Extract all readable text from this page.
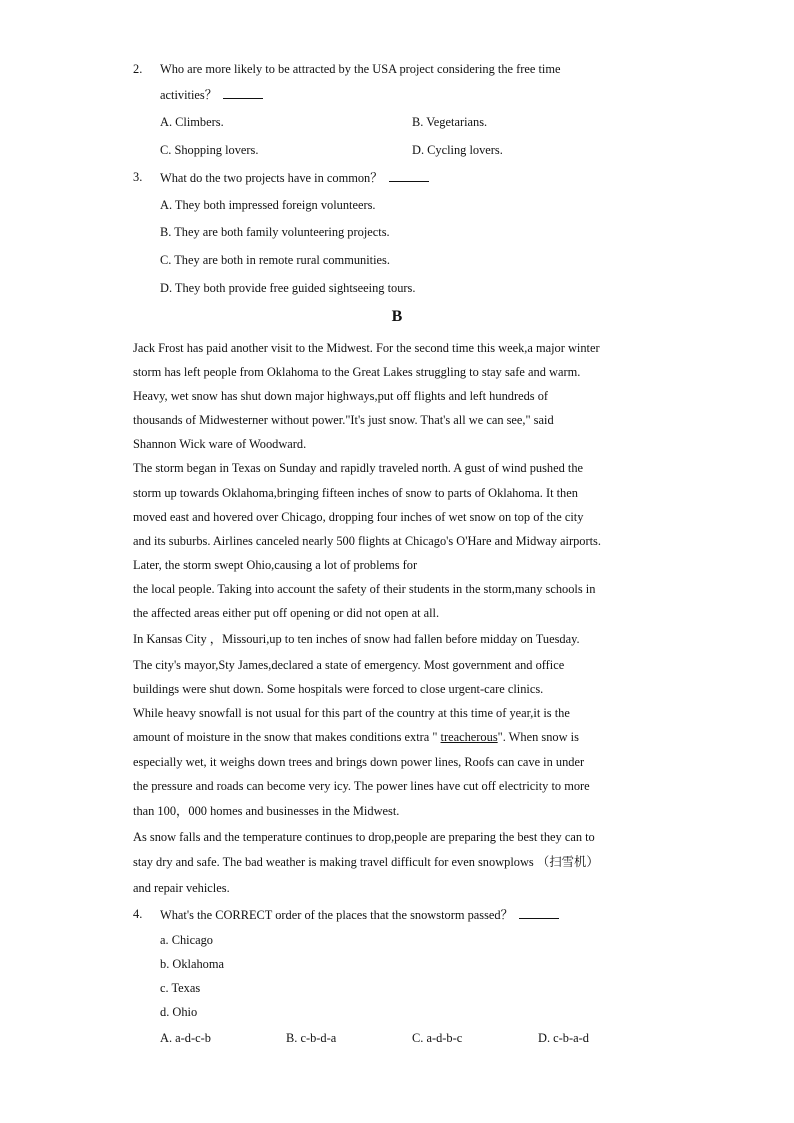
2. Who are more likely to be attracted by the USA project considering the free time
activities？
A. Climbers.	B. Vegetarians.
C. Shopping lovers.	D. Cycling lovers.
3. What do the two projects have in common？
A. They both impressed foreign volunteers.
B. They are both family volunteering projects.
C. They are both in remote rural communities.
D. They both provide free guided sightseeing tours.
B
Jack Frost has paid another visit to the Midwest. For the second time this week,a major winter
storm has left people from Oklahoma to the Great Lakes struggling to stay safe and warm.
Heavy, wet snow has shut down major highways,put off flights and left hundreds of
thousands of Midwesterner without power."It's just snow. That's all we can see," said
Shannon Wick ware of Woodward.
The storm began in Texas on Sunday and rapidly traveled north. A gust of wind pushed the
storm up towards Oklahoma,bringing fifteen inches of snow to parts of Oklahoma. It then
moved east and hovered over Chicago, dropping four inches of wet snow on top of the city
and its suburbs. Airlines canceled nearly 500 flights at Chicago's O'Hare and Midway airports.
Later, the storm swept Ohio,causing a lot of problems for
the local people. Taking into account the safety of their students in the storm,many schools in
the affected areas either put off opening or did not open at all.
In Kansas City ，Missouri,up to ten inches of snow had fallen before midday on Tuesday.
The city's mayor,Sty James,declared a state of emergency. Most government and office
buildings were shut down. Some hospitals were forced to close urgent-care clinics.
While heavy snowfall is not usual for this part of the country at this time of year,it is the
amount of moisture in the snow that makes conditions extra " treacherous". When snow is
especially wet, it weighs down trees and brings down power lines, Roofs can cave in under
the pressure and roads can become very icy. The power lines have cut off electricity to more
than 100，000 homes and businesses in the Midwest.
As snow falls and the temperature continues to drop,people are preparing the best they can to
stay dry and safe. The bad weather is making travel difficult for even snowplows （扫雪机）
and repair vehicles.
4. What's the CORRECT order of the places that the snowstorm passed？
a. Chicago
b. Oklahoma
c. Texas
d. Ohio
A. a-d-c-b	B. c-b-d-a	C. a-d-b-c	D. c-b-a-d
